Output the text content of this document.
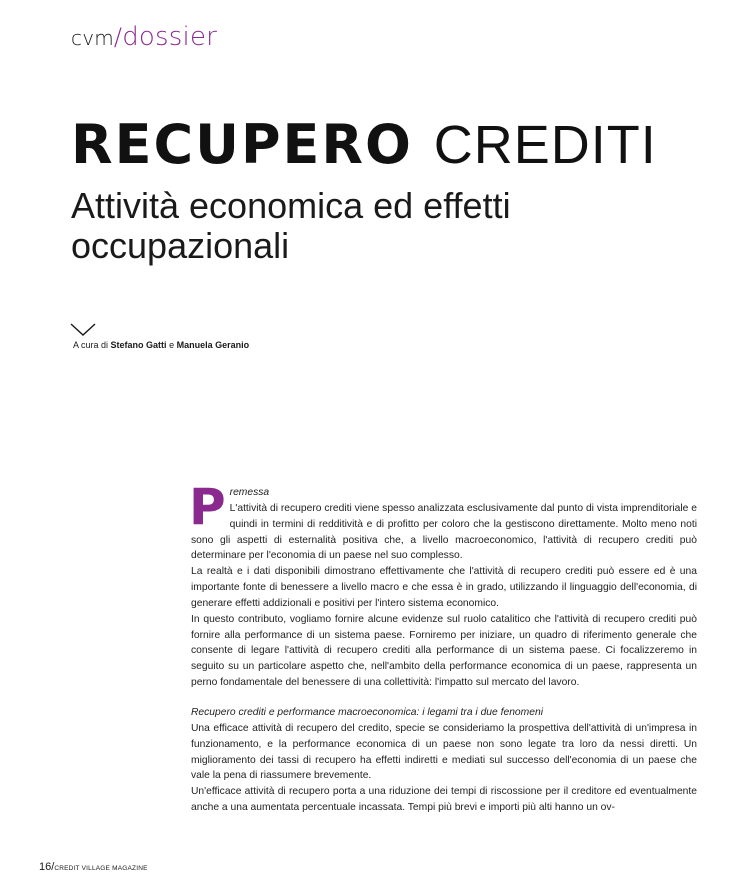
cvm/dossier
RECUPERO CREDITI
Attività economica ed effetti occupazionali
A cura di Stefano Gatti e Manuela Geranio
P remessa

L'attività di recupero crediti viene spesso analizzata esclusivamente dal punto di vista imprenditoriale e quindi in termini di redditività e di profitto per coloro che la gestiscono direttamente. Molto meno noti sono gli aspetti di esternalità positiva che, a livello macroeconomico, l'attività di recupero crediti può determinare per l'economia di un paese nel suo complesso.

La realtà e i dati disponibili dimostrano effettivamente che l'attività di recupero crediti può essere ed è una importante fonte di benessere a livello macro e che essa è in grado, utilizzando il linguaggio dell'economia, di generare effetti addizionali e positivi per l'intero sistema economico.

In questo contributo, vogliamo fornire alcune evidenze sul ruolo catalitico che l'attività di recupero crediti può fornire alla performance di un sistema paese. Forniremo per iniziare, un quadro di riferimento generale che consente di legare l'attività di recupero crediti alla performance di un sistema paese. Ci focalizzeremo in seguito su un particolare aspetto che, nell'ambito della performance economica di un paese, rappresenta un perno fondamentale del benessere di una collettività: l'impatto sul mercato del lavoro.

Recupero crediti e performance macroeconomica: i legami tra i due fenomeni

Una efficace attività di recupero del credito, specie se consideriamo la prospettiva dell'attività di un'impresa in funzionamento, e la performance economica di un paese non sono legate tra loro da nessi diretti. Un miglioramento dei tassi di recupero ha effetti indiretti e mediati sul successo dell'economia di un paese che vale la pena di riassumere brevemente.

Un'efficace attività di recupero porta a una riduzione dei tempi di riscossione per il creditore ed eventualmente anche a una aumentata percentuale incassata. Tempi più brevi e importi più alti hanno un ov-

16/CREDIT VILLAGE MAGAZINE
